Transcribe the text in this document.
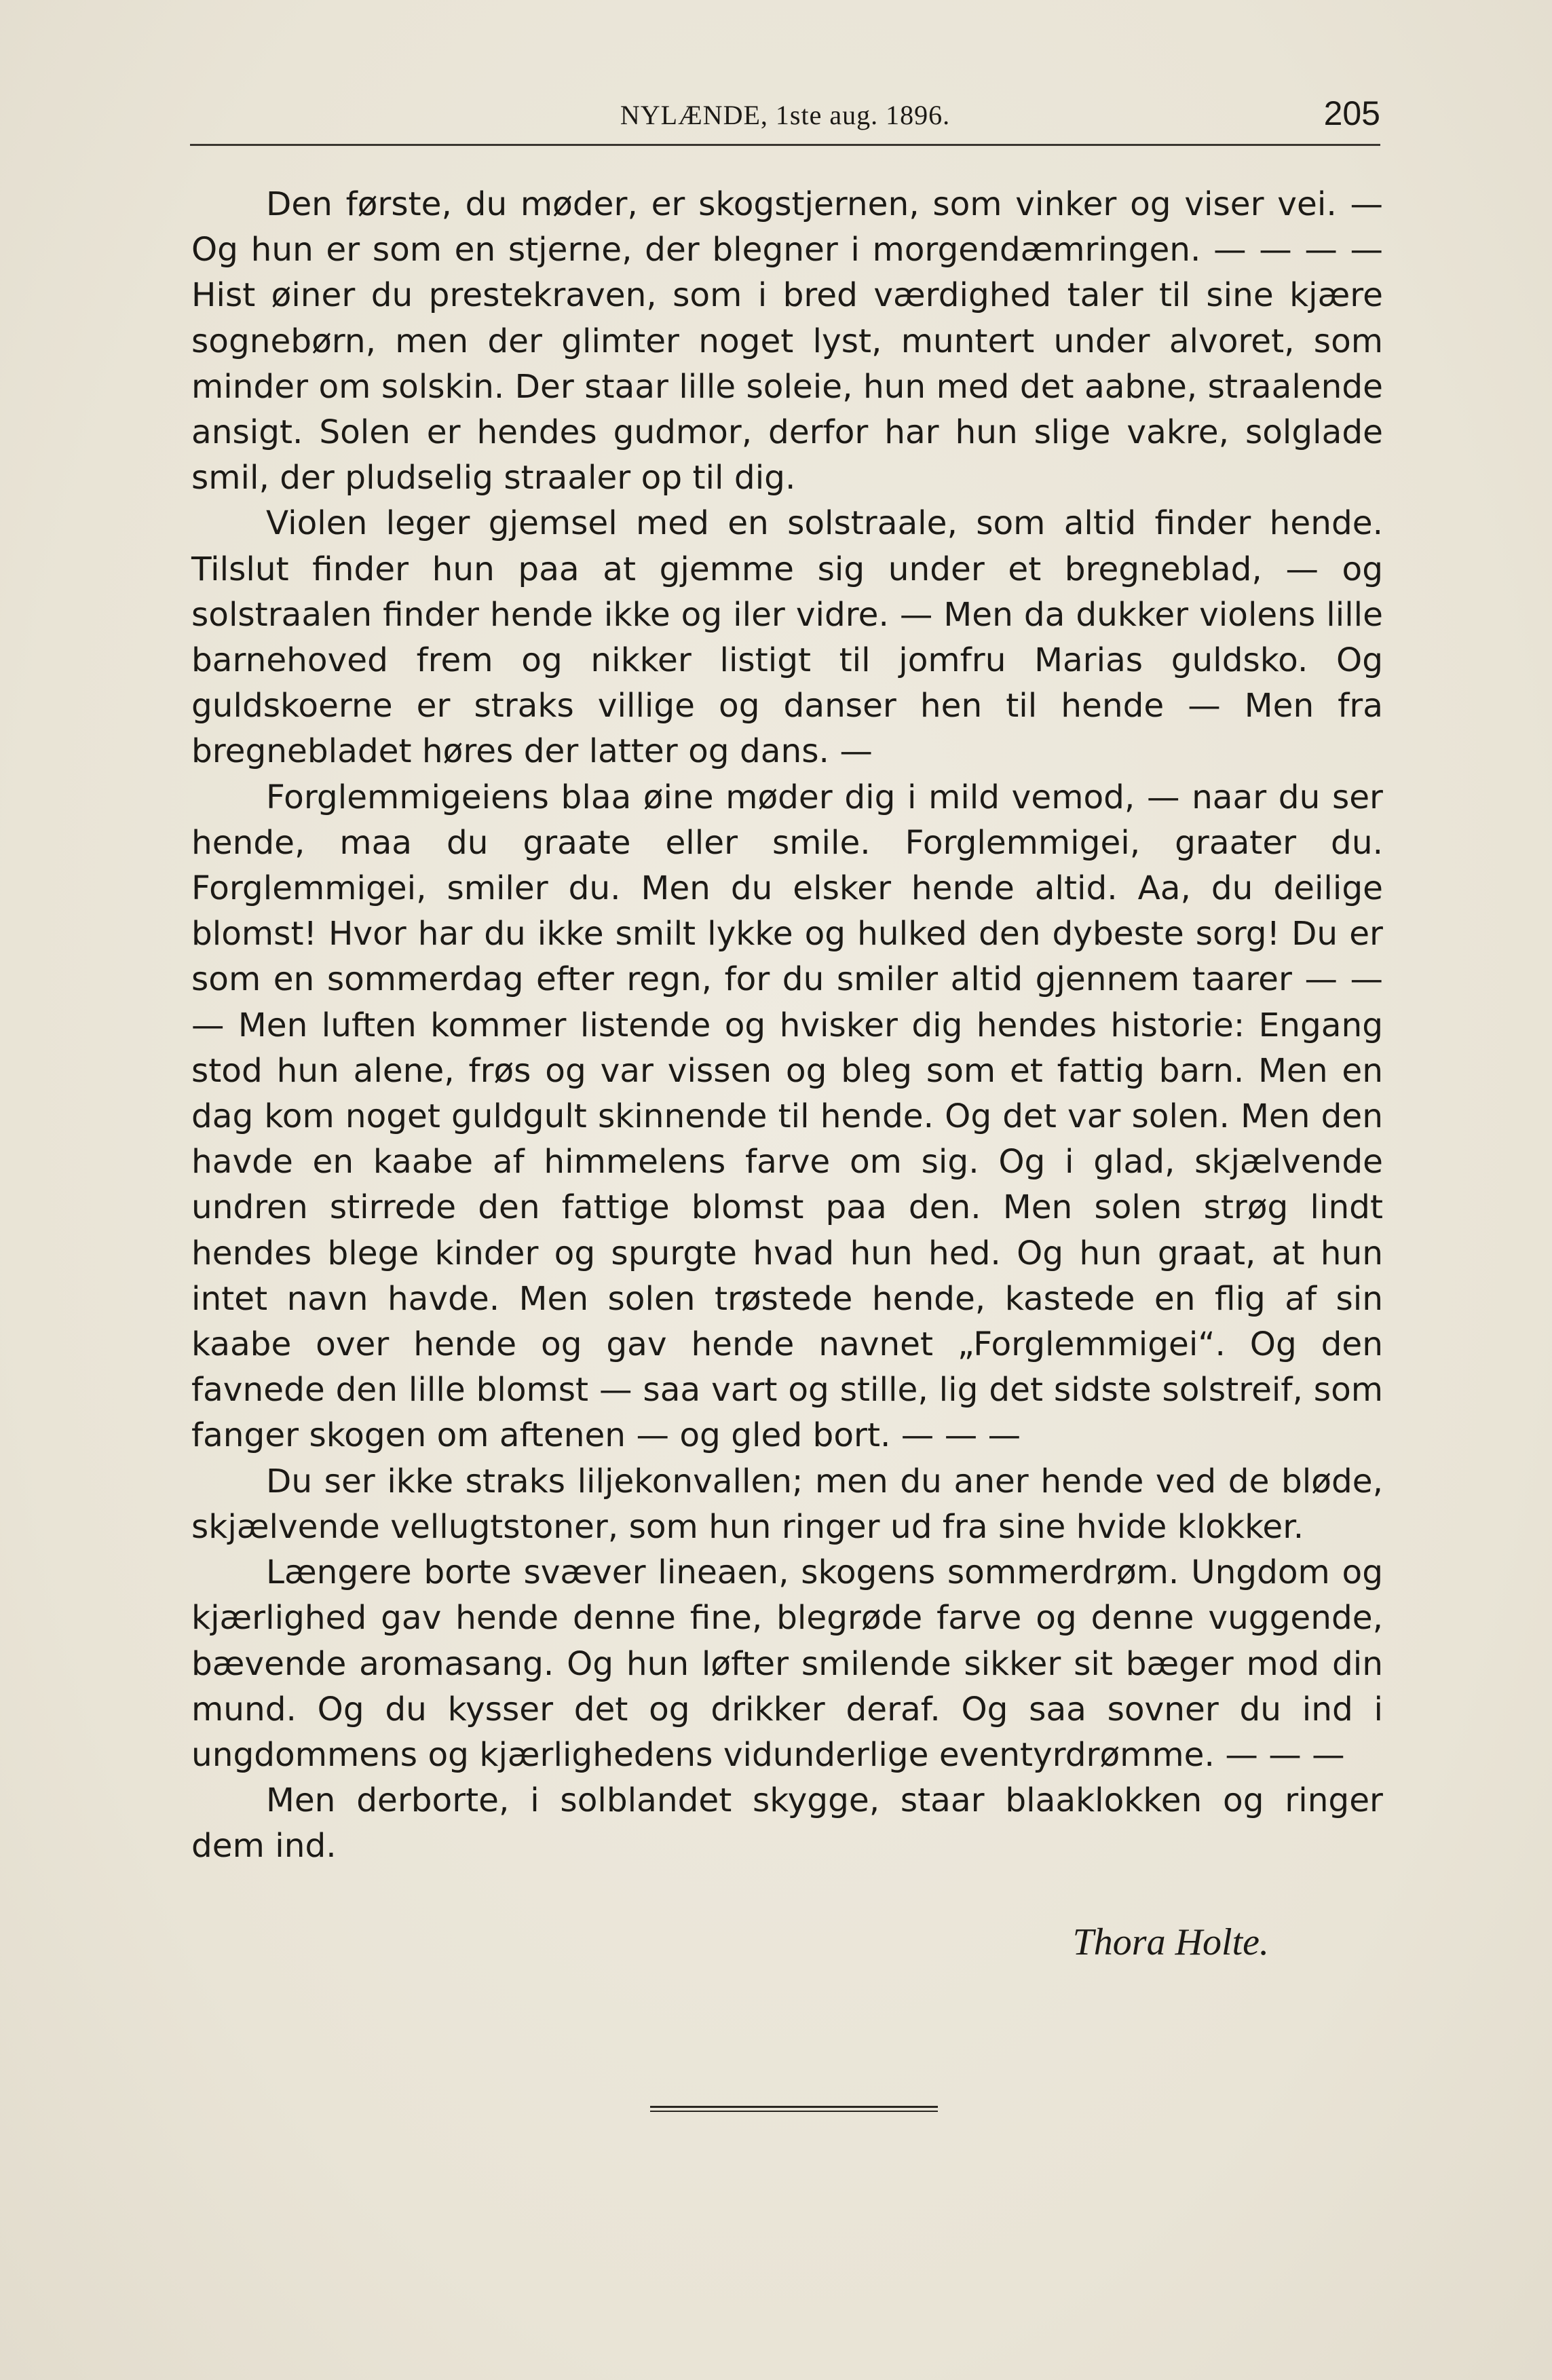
NYLÆNDE, 1ste aug. 1896.	205

Den første, du møder, er skogstjernen, som vinker og viser vei. — Og hun er som en stjerne, der blegner i morgendæmringen. — — — — Hist øiner du prestekraven, som i bred værdighed taler til sine kjære sognebørn, men der glimter noget lyst, muntert under alvoret, som minder om solskin. Der staar lille soleie, hun med det aabne, straalende ansigt. Solen er hendes gudmor, derfor har hun slige vakre, solglade smil, der pludselig straaler op til dig.

Violen leger gjemsel med en solstraale, som altid finder hende. Tilslut finder hun paa at gjemme sig under et bregneblad, — og solstraalen finder hende ikke og iler vidre. — Men da dukker violens lille barnehoved frem og nikker listigt til jomfru Marias guldsko. Og guldskoerne er straks villige og danser hen til hende — Men fra bregnebladet høres der latter og dans. —

Forglemmigeiens blaa øine møder dig i mild vemod, — naar du ser hende, maa du graate eller smile. Forglemmigei, graater du. Forglemmigei, smiler du. Men du elsker hende altid. Aa, du deilige blomst! Hvor har du ikke smilt lykke og hulked den dybeste sorg! Du er som en sommerdag efter regn, for du smiler altid gjennem taarer — — — Men luften kommer listende og hvisker dig hendes historie: Engang stod hun alene, frøs og var vissen og bleg som et fattig barn. Men en dag kom noget guldgult skinnende til hende. Og det var solen. Men den havde en kaabe af himmelens farve om sig. Og i glad, skjælvende undren stirrede den fattige blomst paa den. Men solen strøg lindt hendes blege kinder og spurgte hvad hun hed. Og hun graat, at hun intet navn havde. Men solen trøstede hende, kastede en flig af sin kaabe over hende og gav hende navnet „Forglemmigei“. Og den favnede den lille blomst — saa vart og stille, lig det sidste solstreif, som fanger skogen om aftenen — og gled bort. — — —

Du ser ikke straks liljekonvallen; men du aner hende ved de bløde, skjælvende vellugtstoner, som hun ringer ud fra sine hvide klokker.

Længere borte svæver lineaen, skogens sommerdrøm. Ungdom og kjærlighed gav hende denne fine, blegrøde farve og denne vuggende, bævende aromasang. Og hun løfter smilende sikker sit bæger mod din mund. Og du kysser det og drikker deraf. Og saa sovner du ind i ungdommens og kjærlighedens vidunderlige eventyrdrømme. — — —

Men derborte, i solblandet skygge, staar blaaklokken og ringer dem ind.

Thora Holte.
